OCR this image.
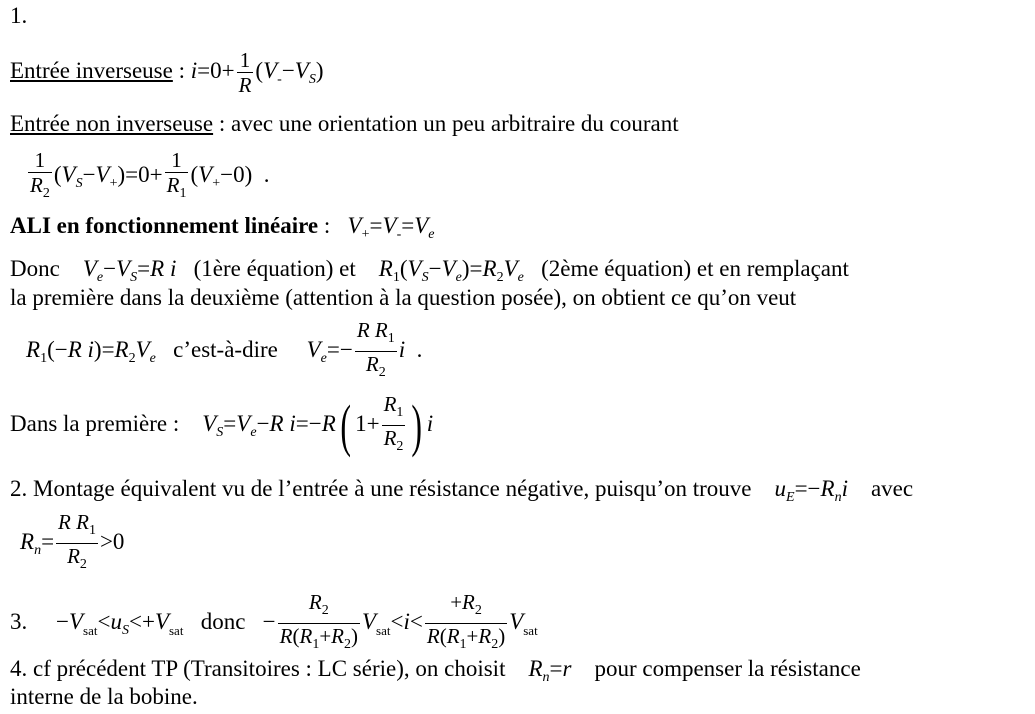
1.
Entrée inverseuse : $i=0+ \frac{1}{R} (V_--V_S)$
Entrée non inverseuse : avec une orientation un peu arbitraire du courant
$\frac{1}{R_2} (V_S-V_+)=0+ \frac{1}{R_1} (V_+-0)$  .
ALI en fonctionnement linéaire : $V_+=V_-=V_e$
Donc $V_e-V_S=R$ i (1ère équation) et $R_1(V_S-V_e)=R_2V_e$ (2ème équation) et en remplaçant
la première dans la deuxième (attention à la question posée), on obtient ce qu’on veut
$R_1(-R$ $i)=R_2V_e$ c’est-à-dire $V_e=- \frac{R R_1}{R_2}$ i  .
Dans la première : $V_S=V_e-R$ i=−R( $1+ \frac{R_1}{R_2}$ ) i
2. Montage équivalent vu de l’entrée à une résistance négative, puisqu’on trouve $u_E=-R_ni$ avec
$R_n= \frac{R R_1}{R_2} >0$
3. $-V_{sat}<u_S<+V_{sat}$ donc − $\frac{R_2}{R(R_1+R_2)} V_{sat}<i< \frac{+R_2}{R(R_1+R_2)} V_{sat}$
4. cf précédent TP (Transitoires : LC série), on choisit $R_n=r$ pour compenser la résistance
interne de la bobine.
